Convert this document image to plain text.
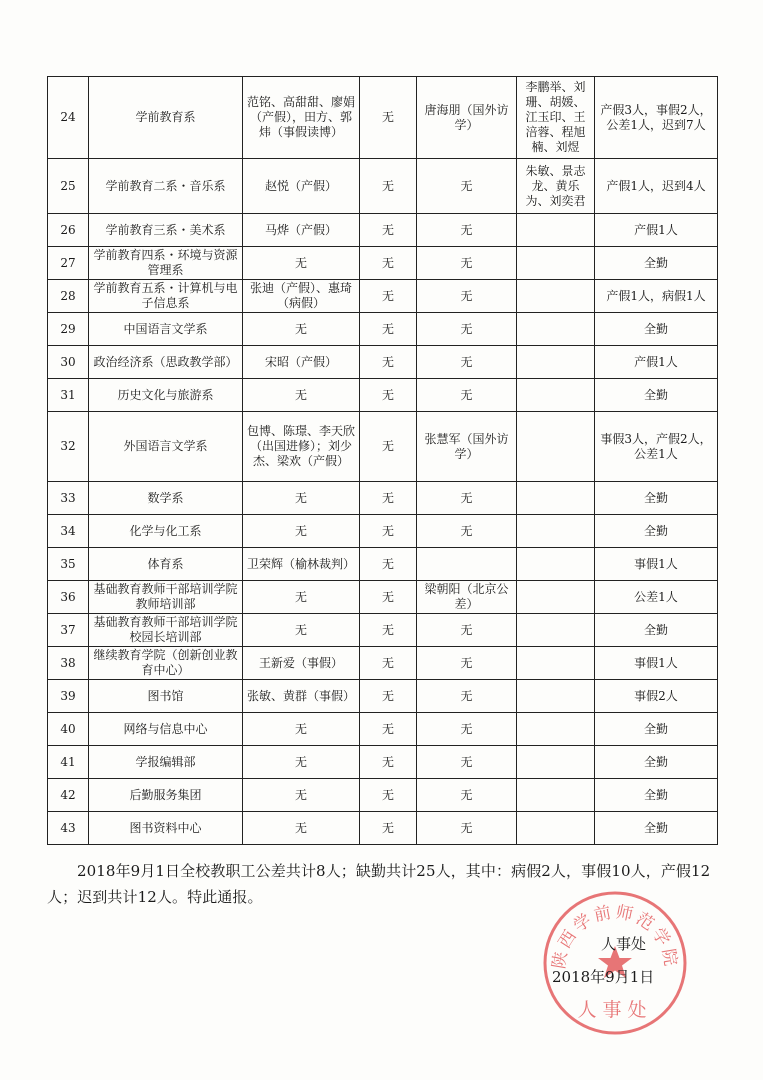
24	学前教育系	范铭、高甜甜、廖娟（产假），田方、郭炜（事假读博）	无	唐海朋（国外访学）	李鹏举、刘珊、胡媛、江玉印、王涪蓉、程旭楠、刘煜	产假3人，事假2人，公差1人，迟到7人
25	学前教育二系・音乐系	赵悦（产假）	无	无	朱敏、景志龙、黄乐为、刘奕君	产假1人，迟到4人
26	学前教育三系・美术系	马烨（产假）	无	无		产假1人
27	学前教育四系・环境与资源管理系	无	无	无		全勤
28	学前教育五系・计算机与电子信息系	张迪（产假）、惠琦（病假）	无	无		产假1人，病假1人
29	中国语言文学系	无	无	无		全勤
30	政治经济系（思政教学部）	宋昭（产假）	无	无		产假1人
31	历史文化与旅游系	无	无	无		全勤
32	外国语言文学系	包博、陈璟、李天欣（出国进修）；刘少杰、梁欢（产假）	无	张慧军（国外访学）		事假3人，产假2人，公差1人
33	数学系	无	无	无		全勤
34	化学与化工系	无	无	无		全勤
35	体育系	卫荣辉（榆林裁判）	无			事假1人
36	基础教育教师干部培训学院教师培训部	无	无	梁朝阳（北京公差）		公差1人
37	基础教育教师干部培训学院校园长培训部	无	无	无		全勤
38	继续教育学院（创新创业教育中心）	王新爱（事假）	无	无		事假1人
39	图书馆	张敏、黄群（事假）	无	无		事假2人
40	网络与信息中心	无	无	无		全勤
41	学报编辑部	无	无	无		全勤
42	后勤服务集团	无	无	无		全勤
43	图书资料中心	无	无	无		全勤
2018年9月1日全校教职工公差共计8人；缺勤共计25人，其中：病假2人，事假10人，产假12人；迟到共计12人。特此通报。
陕西学前师范学院
人事处
人事处
2018年9月1日
